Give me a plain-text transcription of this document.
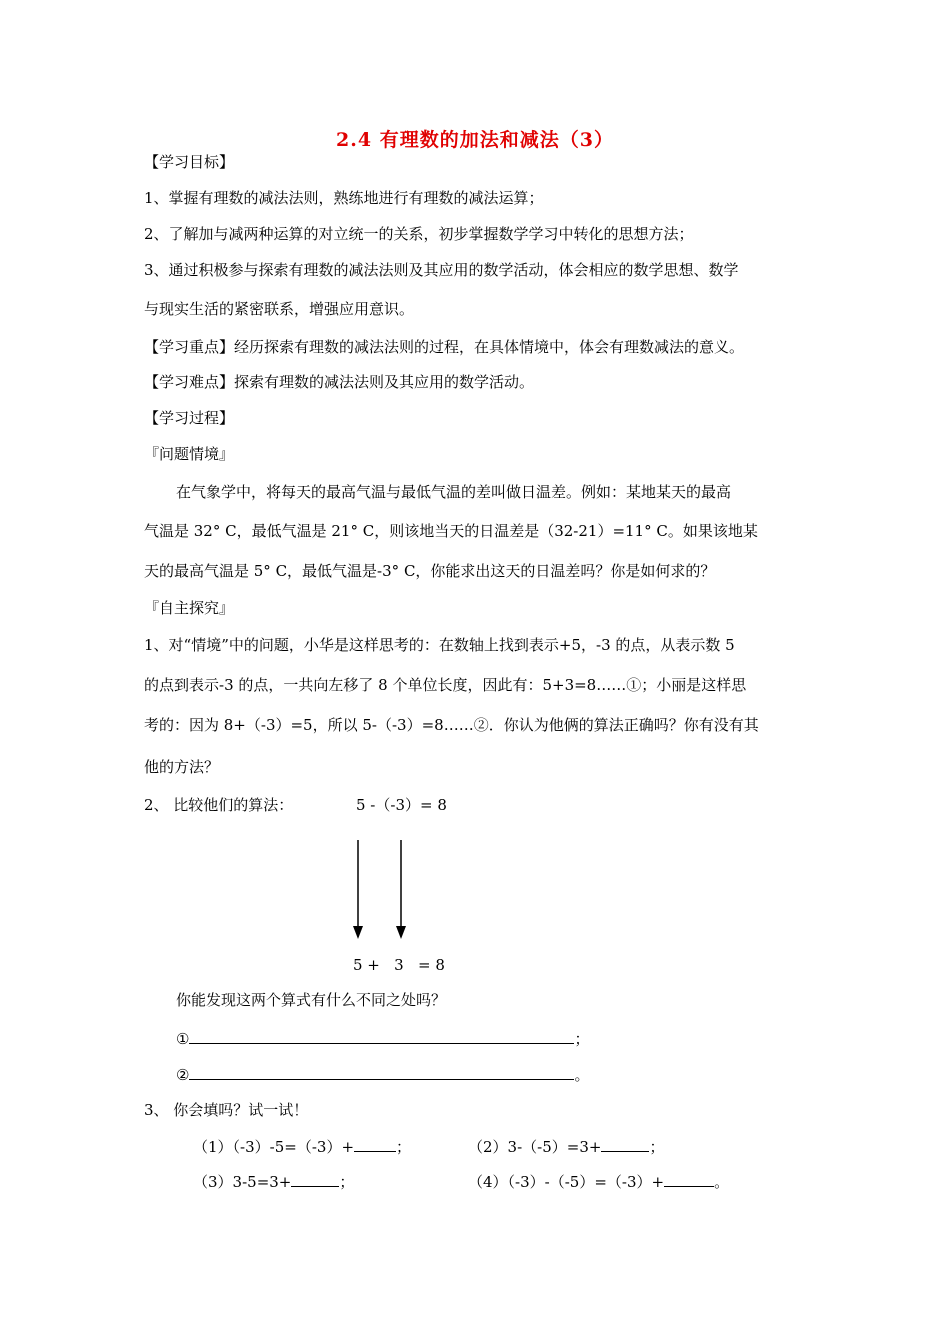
2.4 有理数的加法和减法（3）
【学习目标】
1、掌握有理数的减法法则，熟练地进行有理数的减法运算；
2、了解加与减两种运算的对立统一的关系，初步掌握数学学习中转化的思想方法；
3、通过积极参与探索有理数的减法法则及其应用的数学活动，体会相应的数学思想、数学
与现实生活的紧密联系，增强应用意识。
【学习重点】经历探索有理数的减法法则的过程，在具体情境中，体会有理数减法的意义。
【学习难点】探索有理数的减法法则及其应用的数学活动。
【学习过程】
『问题情境』
在气象学中，将每天的最高气温与最低气温的差叫做日温差。例如：某地某天的最高
气温是 32° C，最低气温是 21° C，则该地当天的日温差是（32-21）=11° C。如果该地某
天的最高气温是 5° C，最低气温是-3° C，你能求出这天的日温差吗？你是如何求的？
『自主探究』
1、对“情境”中的问题，小华是这样思考的：在数轴上找到表示+5，-3 的点，从表示数 5
的点到表示-3 的点，一共向左移了 8 个单位长度，因此有：5+3=8……①；小丽是这样思
考的：因为 8+（-3）=5，所以 5-（-3）=8……②．你认为他俩的算法正确吗？你有没有其
他的方法？
2、 比较他们的算法：	5 -（-3）= 8
5 +   3   = 8
你能发现这两个算式有什么不同之处吗？
①	；
②	。
3、 你会填吗？试一试！
（1）（-3）-5=（-3）+	；	（2）3-（-5）=3+	；
（3）3-5=3+	；	（4）（-3）-（-5）=（-3）+	。
